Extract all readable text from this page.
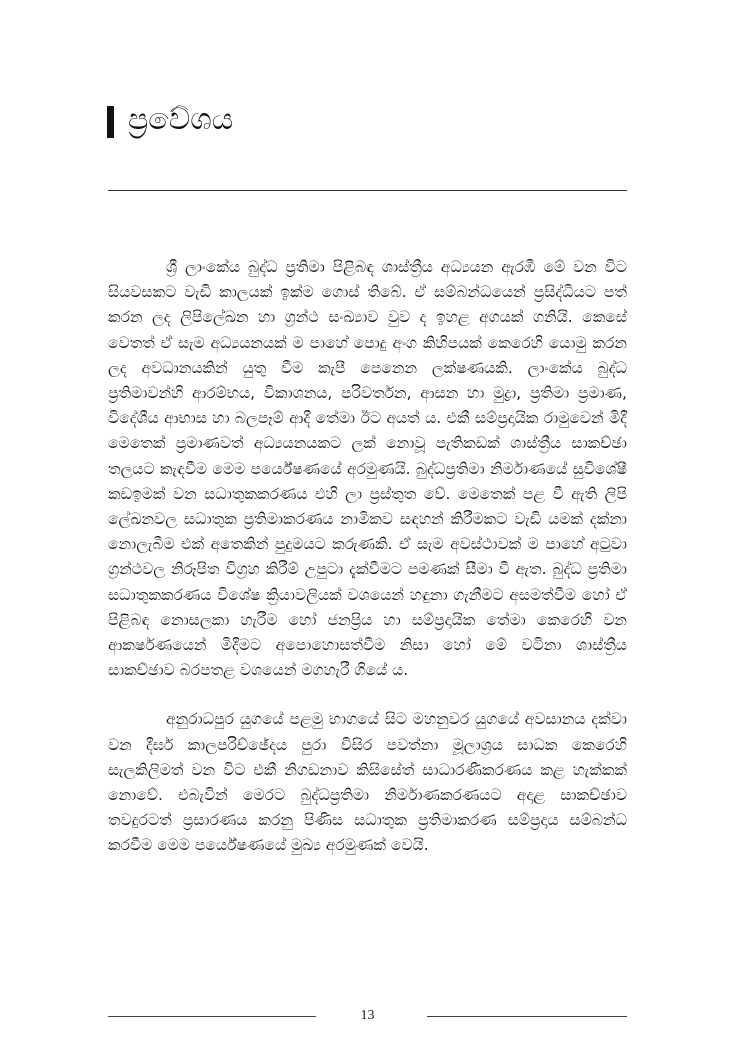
ප්‍රවේශය

ශ්‍රී ලාංකේය බුද්ධ ප්‍රතිමා පිළිබඳ ශාස්ත්‍රීය අධ්‍යයන ඇරඹී මේ වන විට සියවසකට වැඩි කාලයක් ඉක්ම ගොස් තිබේ. ඒ සම්බන්ධයෙන් ප්‍රසිද්ධියට පත් කරන ලද ලිපිලේඛන හා ග්‍රන්ථ සංඛ්‍යාව වුව ද ඉහළ අගයක් ගනියි. කෙසේ වෙතත් ඒ සැම අධ්‍යයනයක් ම පාහේ පොදු අංග කිහිපයක් කෙරෙහි යොමු කරන ලද අවධානයකින් යුතු වීම කැපී පෙනෙන ලක්ෂණයකි. ලාංකේය බුද්ධ ප්‍රතිමාවන්හි ආරම්භය, විකාශනය, පරිවර්තන, ආසන හා මුද්‍රා, ප්‍රතිමා ප්‍රමාණ, විදේශීය ආභාස හා බලපෑම් ආදී තේමා ඊට අයත් ය. එකී සම්ප්‍රදායික රාමුවෙන් මිදී මෙතෙක් ප්‍රමාණවත් අධ්‍යයනයකට ලක් නොවූ පැතිකඩක් ශාස්ත්‍රීය සාකච්ඡා තලයට කැඳවීම මෙම පර්යේෂණයේ අරමුණයි. බුද්ධප්‍රතිමා නිර්මාණයේ සුවිශේෂී කඩඉමක් වන සධාතුකකරණය එහි ලා ප්‍රස්තුත වේ. මෙතෙක් පළ වී ඇති ලිපි ලේඛනවල සධාතුක ප්‍රතිමාකරණය නාමිකව සඳහන් කිරීමකට වැඩි යමක් දක්නා නොලැබීම එක් අතෙකින් පුදුමයට කරුණකි. ඒ සැම අවස්ථාවක් ම පාහේ අටුවා ග්‍රන්ථවල නිරූපිත විග්‍රහ කිරීම් උපුටා දැක්වීමට පමණක් සීමා වී ඇත. බුද්ධ ප්‍රතිමා සධාතුකකරණය විශේෂ ක්‍රියාවලියක් වශයෙන් හඳුනා ගැනීමට අසමත්වීම හෝ ඒ පිළිබඳ නොසලකා හැරීම හෝ ජනප්‍රිය හා සම්ප්‍රදායික තේමා කෙරෙහි වන ආකර්ෂණයෙන් මිදීමට අපොහොසත්වීම නිසා හෝ මේ වටිනා ශාස්ත්‍රීය සාකච්ඡාව බරපතළ වශයෙන් මගහැරී ගියේ ය.

අනුරාධපුර යුගයේ පළමු භාගයේ සිට මහනුවර යුගයේ අවසානය දක්වා වන දීර්ඝ කාලපරිච්ඡේදය පුරා විසිර පවත්නා මූලාශ්‍රය සාධක කෙරෙහි සැලකිලිමත් වන විට එකී නිගඩනාව කිසිසේත් සාධාරණීකරණය කළ හැක්කක් නොවේ. එබැවින් මෙරට බුද්ධප්‍රතිමා නිර්මාණකරණයට අදාළ සාකච්ඡාව තවදුරටත් ප්‍රසාරණය කරනු පිණිස සධාතුක ප්‍රතිමාකරණ සම්ප්‍රදාය සම්බන්ධ කරවීම මෙම පර්යේෂණයේ මුඛ්‍ය අරමුණක් වෙයි.

13
